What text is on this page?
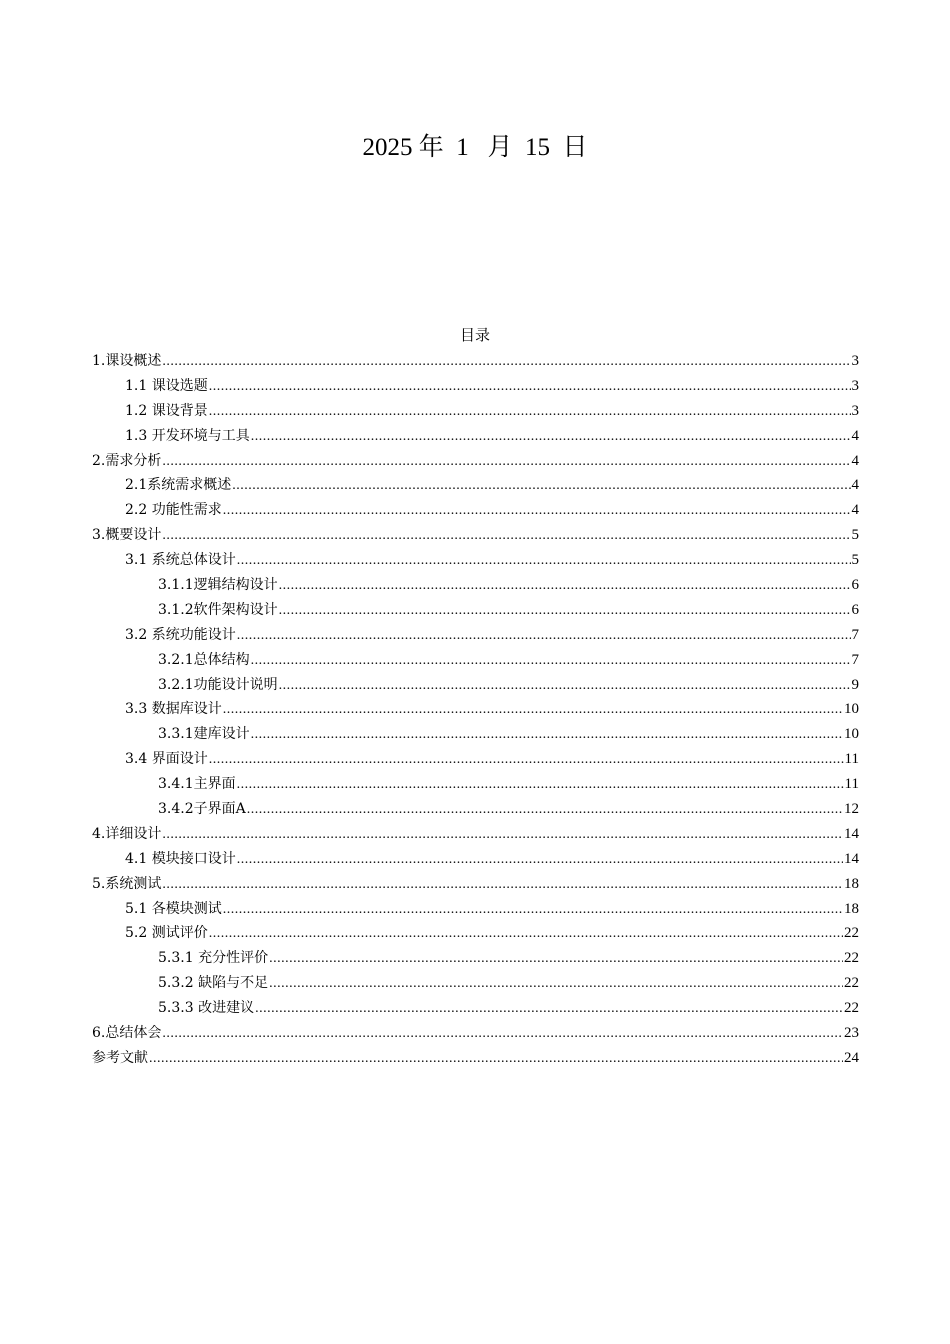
2025 年  1   月  15  日
目录
1.课设概述 .....	3
1.1 课设选题 .....	3
1.2 课设背景 .....	3
1.3 开发环境与工具 .....	4
2.需求分析 .....	4
2.1系统需求概述 .....	4
2.2 功能性需求 .....	4
3.概要设计 .....	5
3.1 系统总体设计 .....	5
3.1.1逻辑结构设计 .....	6
3.1.2软件架构设计 .....	6
3.2 系统功能设计 .....	7
3.2.1总体结构 .....	7
3.2.1功能设计说明 .....	9
3.3 数据库设计 .....	10
3.3.1建库设计 .....	10
3.4 界面设计 .....	11
3.4.1主界面 .....	11
3.4.2子界面A .....	12
4.详细设计 .....	14
4.1 模块接口设计 .....	14
5.系统测试 .....	18
5.1 各模块测试 .....	18
5.2 测试评价 .....	22
5.3.1 充分性评价 .....	22
5.3.2 缺陷与不足 .....	22
5.3.3 改进建议 .....	22
6.总结体会 .....	23
参考文献 .....	24
